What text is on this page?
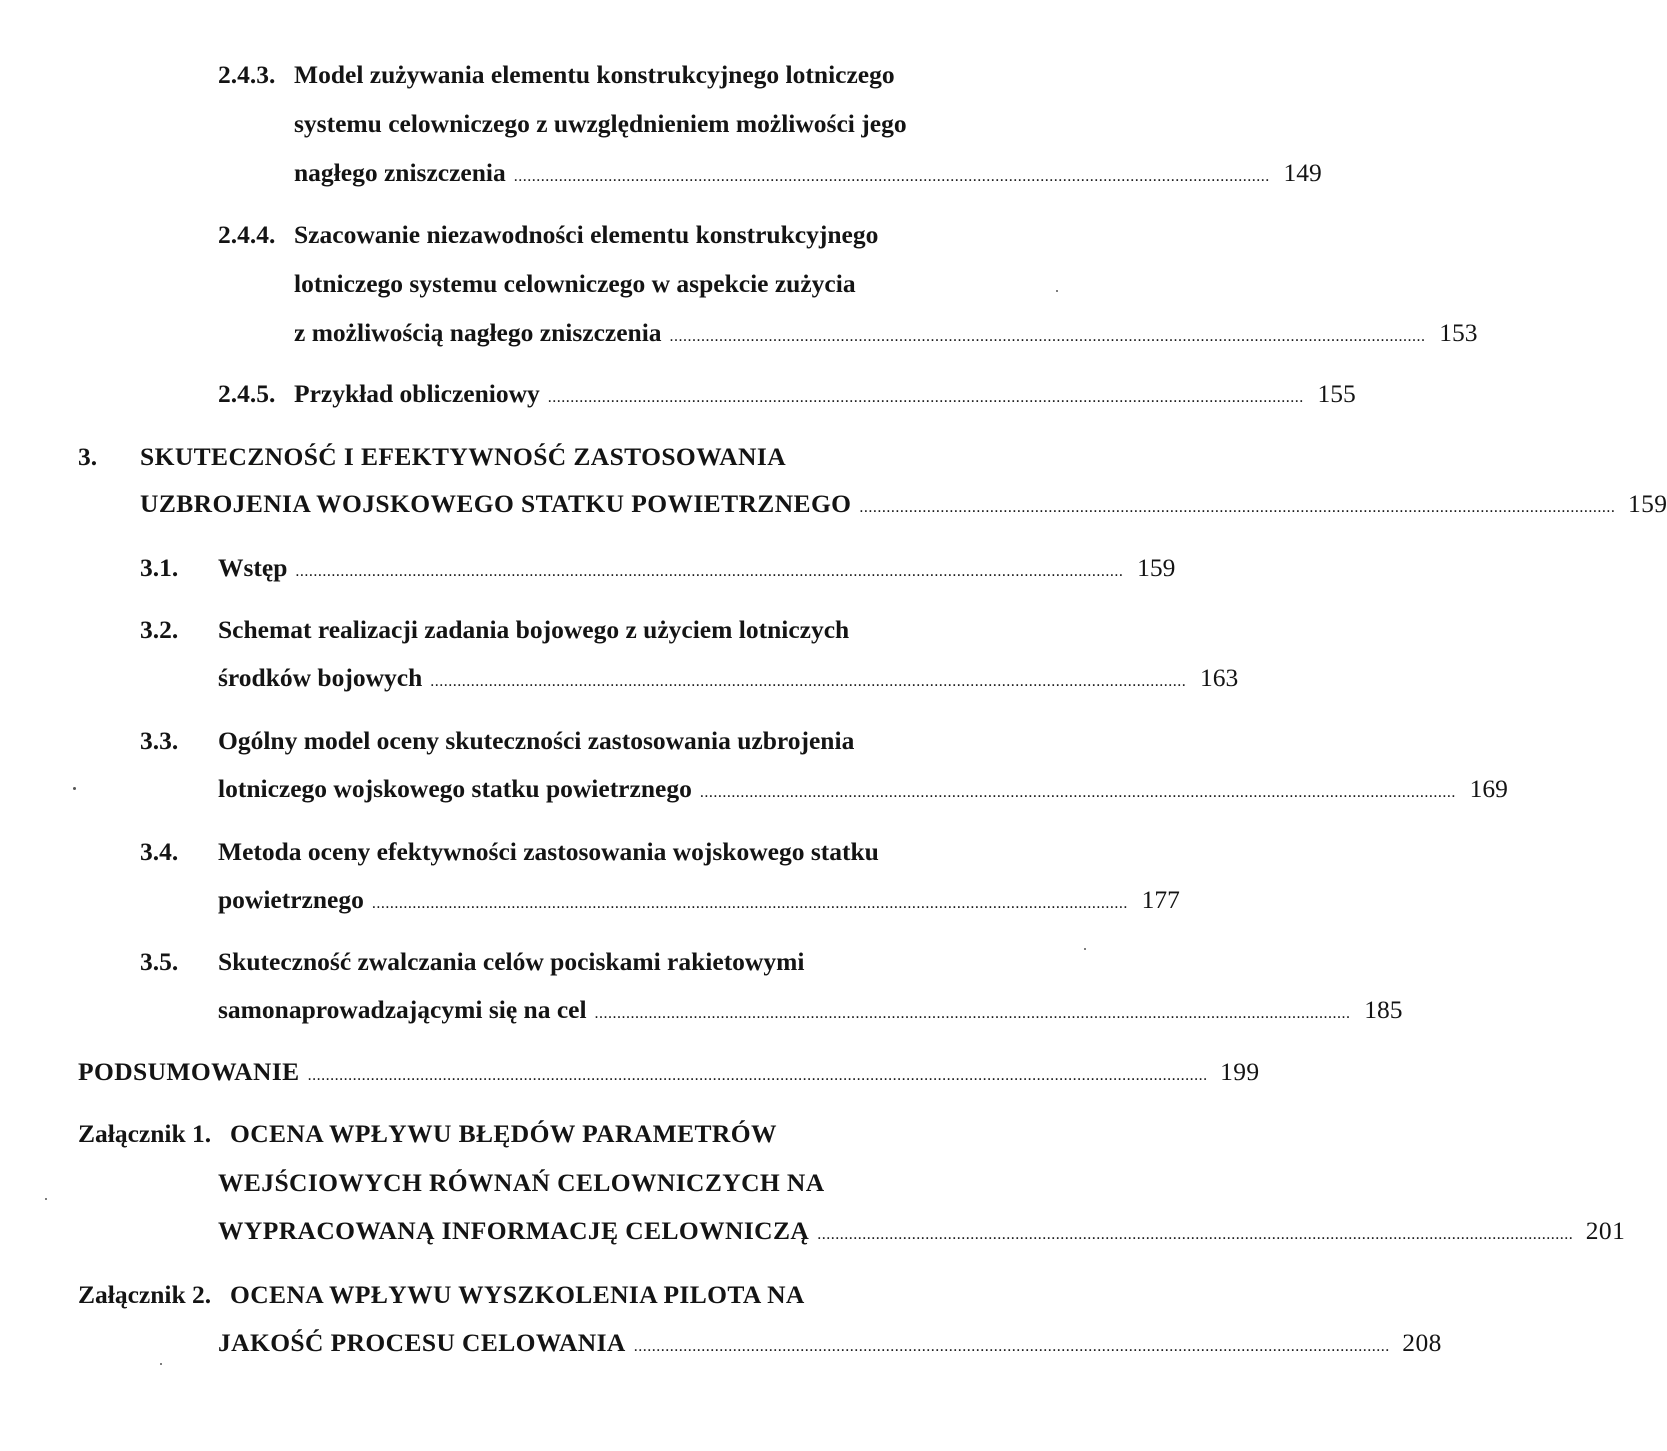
2.4.3. Model zużywania elementu konstrukcyjnego lotniczego
systemu celowniczego z uwzględnieniem możliwości jego
nagłego zniszczenia ........................................................................................................................................................................ 149
2.4.4. Szacowanie niezawodności elementu konstrukcyjnego
lotniczego systemu celowniczego w aspekcie zużycia
z możliwością nagłego zniszczenia ........................................................................................................................................................................ 153
2.4.5. Przykład obliczeniowy ........................................................................................................................................................................ 155
3. SKUTECZNOŚĆ I EFEKTYWNOŚĆ ZASTOSOWANIA
UZBROJENIA WOJSKOWEGO STATKU POWIETRZNEGO ........................................................................................................................................................................ 159
3.1. Wstęp ........................................................................................................................................................................................ 159
3.2. Schemat realizacji zadania bojowego z użyciem lotniczych
środków bojowych ........................................................................................................................................................................ 163
3.3. Ogólny model oceny skuteczności zastosowania uzbrojenia
lotniczego wojskowego statku powietrznego ........................................................................................................................................................................ 169
3.4. Metoda oceny efektywności zastosowania wojskowego statku
powietrznego ........................................................................................................................................................................ 177
3.5. Skuteczność zwalczania celów pociskami rakietowymi
samonaprowadzającymi się na cel ........................................................................................................................................................................ 185
PODSUMOWANIE ........................................................................................................................................................................................................ 199
Załącznik 1. OCENA WPŁYWU BŁĘDÓW PARAMETRÓW
WEJŚCIOWYCH RÓWNAŃ CELOWNICZYCH NA
WYPRACOWANĄ INFORMACJĘ CELOWNICZĄ ........................................................................................................................................................................ 201
Załącznik 2. OCENA WPŁYWU WYSZKOLENIA PILOTA NA
JAKOŚĆ PROCESU CELOWANIA ........................................................................................................................................................................ 208
